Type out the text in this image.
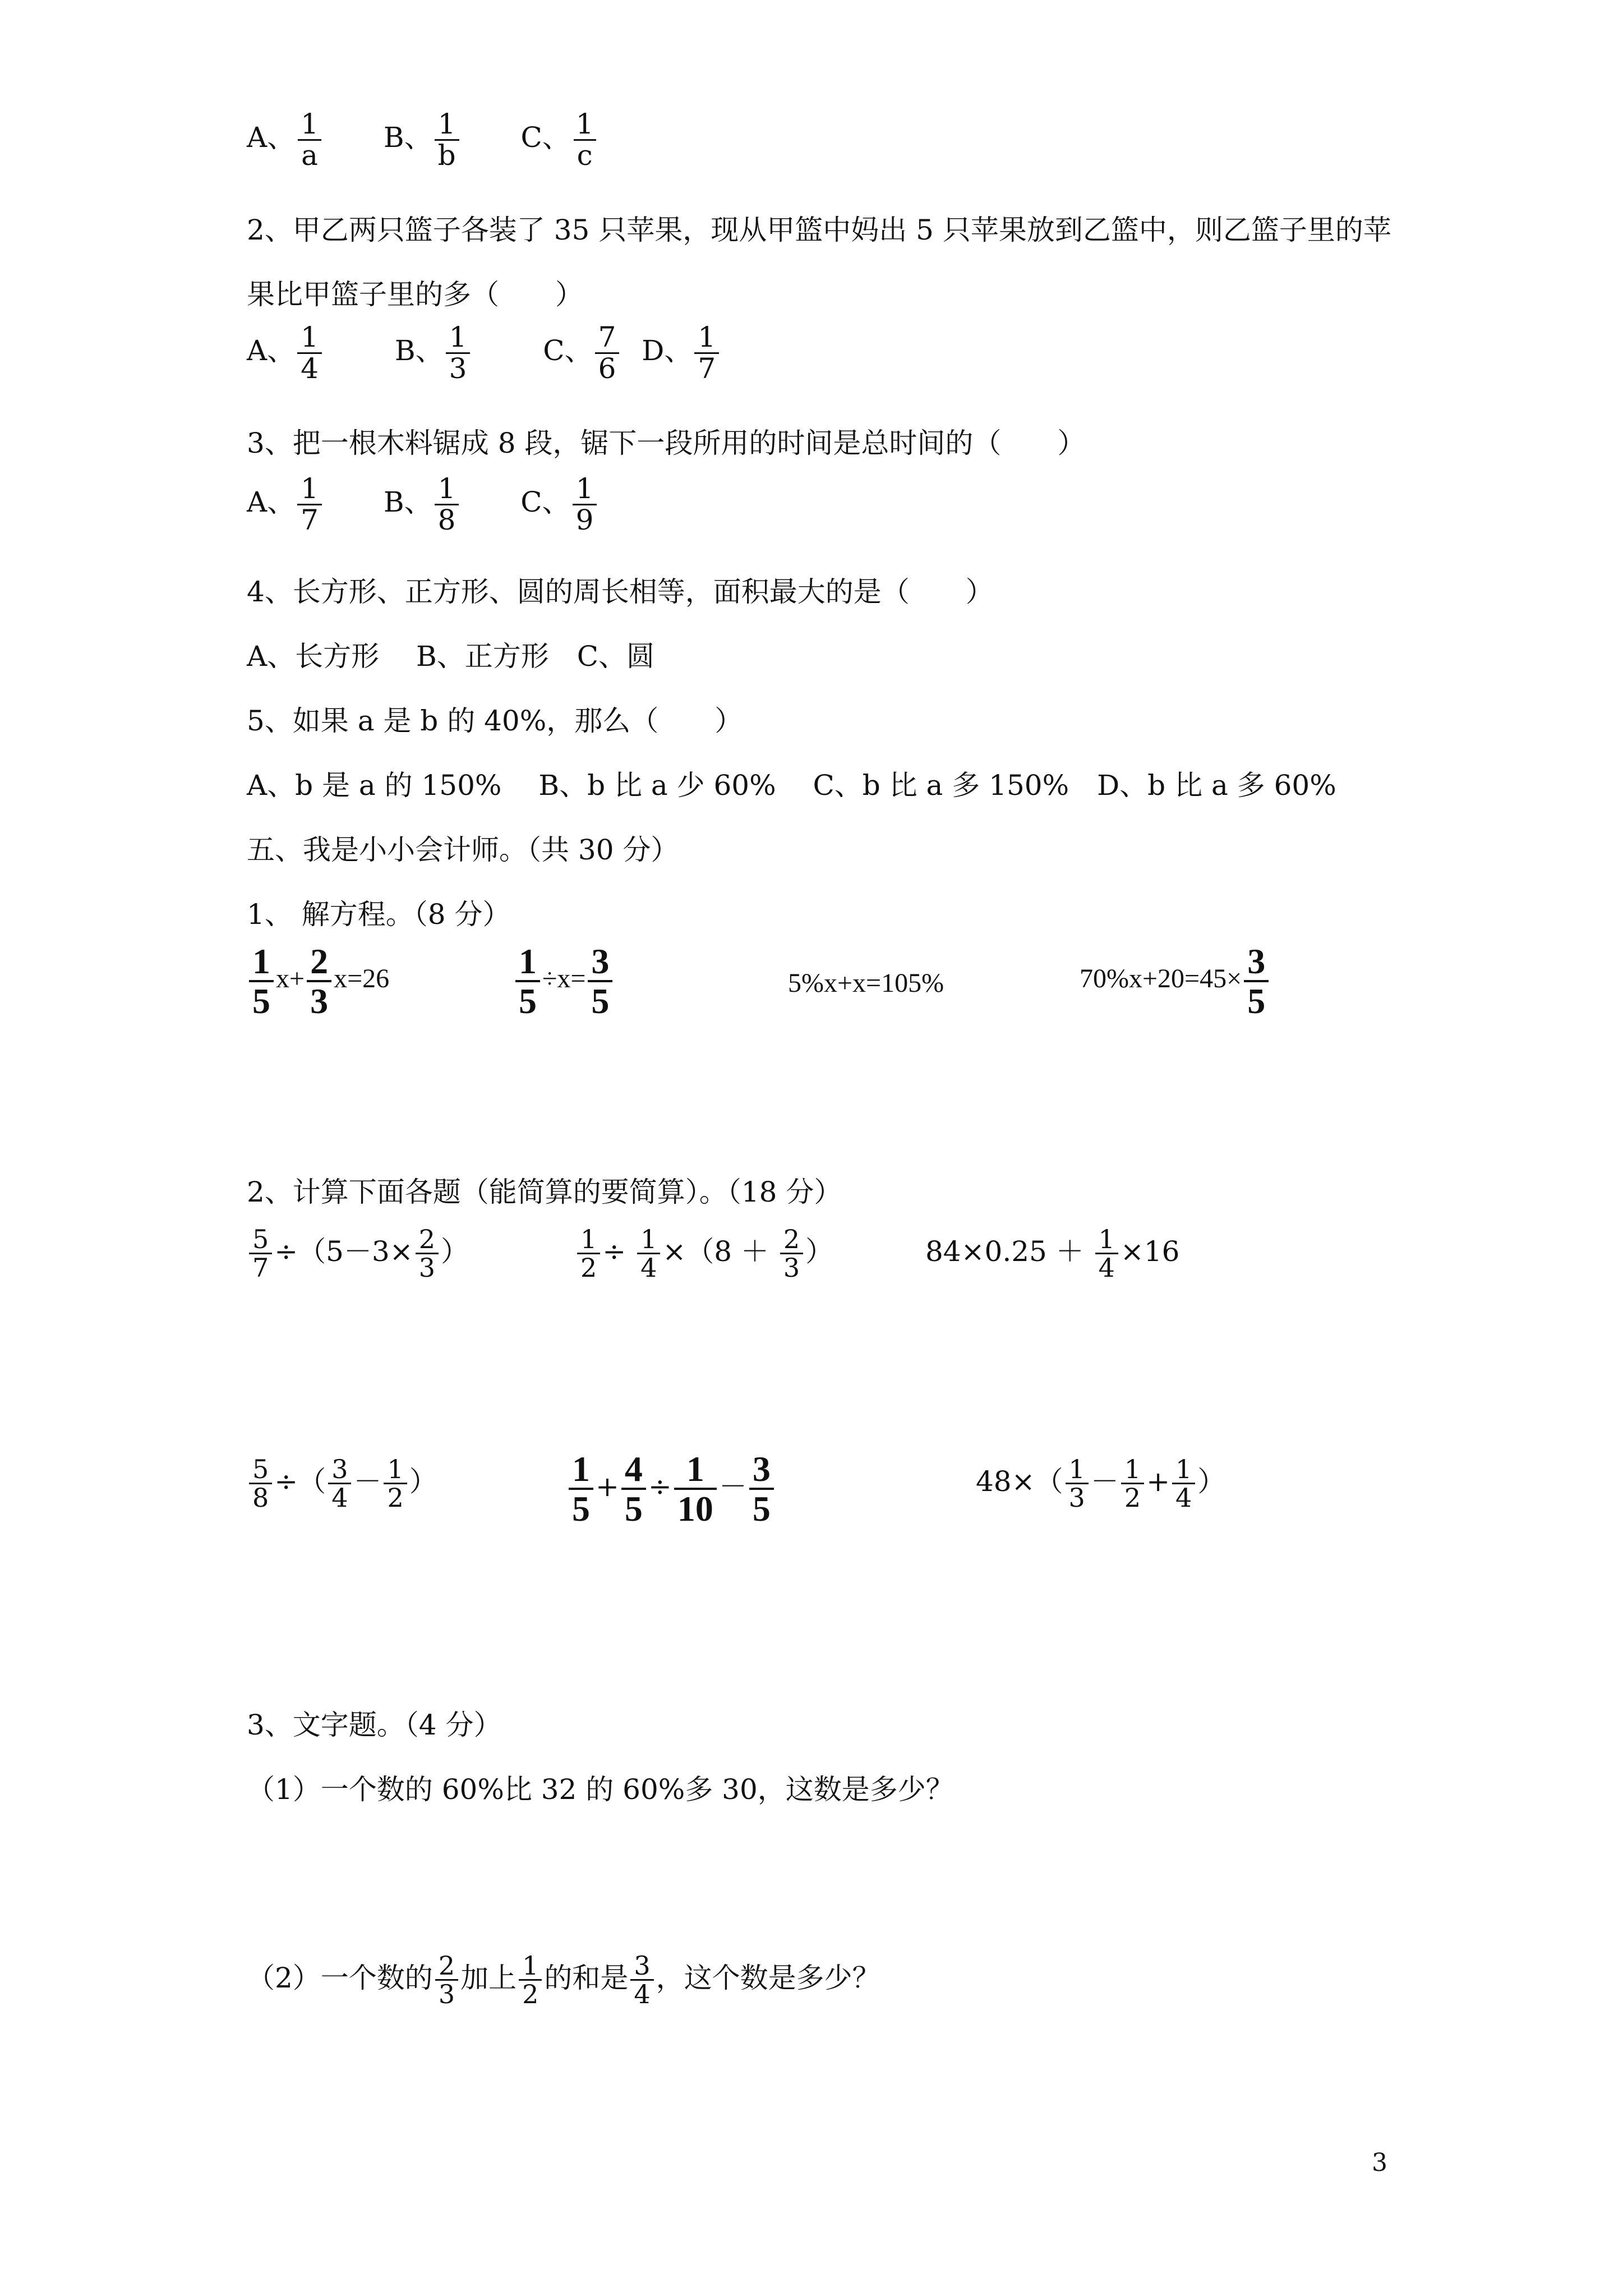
A、 $\frac{1}{a}$ B、 $\frac{1}{b}$ C、 $\frac{1}{c}$
2、甲乙两只篮子各装了 35 只苹果，现从甲篮中妈出 5 只苹果放到乙篮中，则乙篮子里的苹
果比甲篮子里的多（　　）
A、 $\frac{1}{4}$	B、 $\frac{1}{3}$	C、 $\frac{7}{6}$ D、 $\frac{1}{7}$
3、把一根木料锯成 8 段，锯下一段所用的时间是总时间的（　　）
A、 $\frac{1}{7}$ B、 $\frac{1}{8}$ C、 $\frac{1}{9}$
4、长方形、正方形、圆的周长相等，面积最大的是（　　）
A、长方形　 B、正方形　C、圆
5、如果 a 是 b 的 40%，那么（　　）
A、b 是 a 的 150%　 B、b 比 a 少 60%　 C、b 比 a 多 150%　D、b 比 a 多 60%
五、我是小小会计师。（共 30 分）
1、 解方程。（8 分）
$\frac{1}{5} x+ \frac{2}{3} x=26$	$\frac{1}{5} \div x= \frac{3}{5}$	5%x+x=105%	$70\%x+20=45\times \frac{3}{5}$
2、计算下面各题（能简算的要简算）。（18 分）
$\frac{5}{7} \div(5-3\times \frac{2}{3}$ ）	$\frac{1}{2} \div \frac{1}{4} \times(8 + \frac{2}{3}$ ）	$84\times 0.25 + \frac{1}{4} \times 16$
$\frac{5}{8}$ ÷（ $\frac{3}{4} - \frac{1}{2}$ ）	$\frac{1}{5} + \frac{4}{5} \div \frac{1}{10} - \frac{3}{5}$	$48\times( \frac{1}{3} - \frac{1}{2} + \frac{1}{4}$ ）
3、文字题。（4 分）
（1）一个数的 60%比 32 的 60%多 30，这数是多少？
（2）一个数的 $\frac{2}{3}$ 加上 $\frac{1}{2}$ 的和是 $\frac{3}{4}$ ，这个数是多少？
3
